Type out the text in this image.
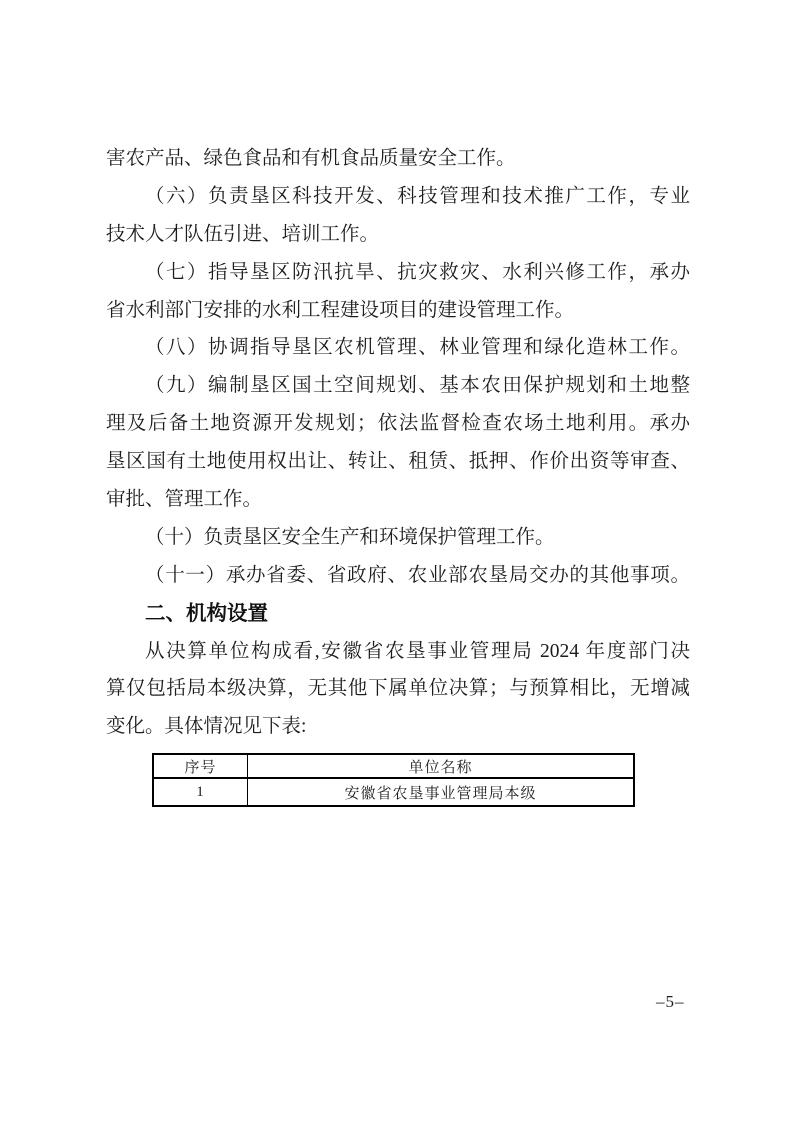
害农产品、绿色食品和有机食品质量安全工作。
（六）负责垦区科技开发、科技管理和技术推广工作，专业
技术人才队伍引进、培训工作。
（七）指导垦区防汛抗旱、抗灾救灾、水利兴修工作，承办
省水利部门安排的水利工程建设项目的建设管理工作。
（八）协调指导垦区农机管理、林业管理和绿化造林工作。
（九）编制垦区国土空间规划、基本农田保护规划和土地整
理及后备土地资源开发规划；依法监督检查农场土地利用。承办
垦区国有土地使用权出让、转让、租赁、抵押、作价出资等审查、
审批、管理工作。
（十）负责垦区安全生产和环境保护管理工作。
（十一）承办省委、省政府、农业部农垦局交办的其他事项。
二、机构设置
从决算单位构成看,安徽省农垦事业管理局 2024 年度部门决
算仅包括局本级决算，无其他下属单位决算；与预算相比，无增减
变化。具体情况见下表:
序号	单位名称
1	安徽省农垦事业管理局本级
–5–
